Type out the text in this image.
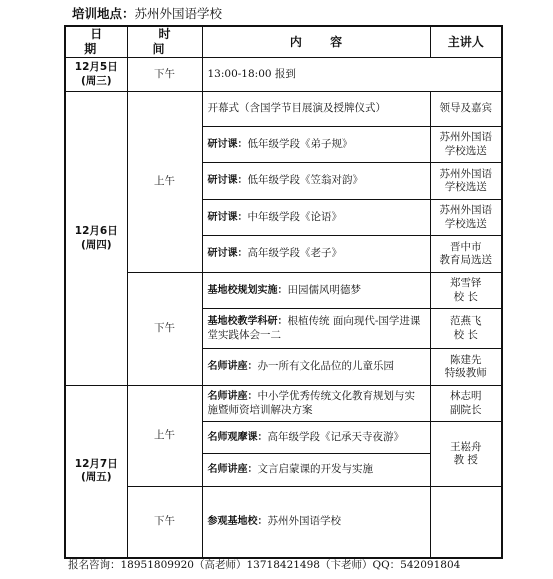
培训地点：苏州外国语学校
日 期	时 间	内 容	主讲人

12月5日
(周三)	下午	13:00-18:00 报到	

12月6日
(周四)	上午	开幕式（含国学节目展演及授牌仪式）	领导及嘉宾

		研讨课：低年级学段《弟子规》	苏州外国语
学校选送

		研讨课：低年级学段《笠翁对韵》	苏州外国语
学校选送

		研讨课：中年级学段《论语》	苏州外国语
学校选送

		研讨课：高年级学段《老子》	晋中市
教育局选送

	下午	基地校规划实施：田园儒风明德梦	郑雪铎
校 长

		基地校教学科研：根植传统 面向现代-国学进课堂实践体会一二	范燕飞
校 长

		名师讲座：办一所有文化品位的儿童乐园	陈建先
特级教师

12月7日
(周五)	上午	名师讲座：中小学优秀传统文化教育规划与实施暨师资培训解决方案	林志明
副院长

		名师观摩课：高年级学段《记承天寺夜游》	王崧舟
教 授

		名师讲座：文言启蒙课的开发与实施	
	下午	参观基地校：苏州外国语学校	
报名咨询：18951809920（高老师）13718421498（卞老师）QQ：542091804
